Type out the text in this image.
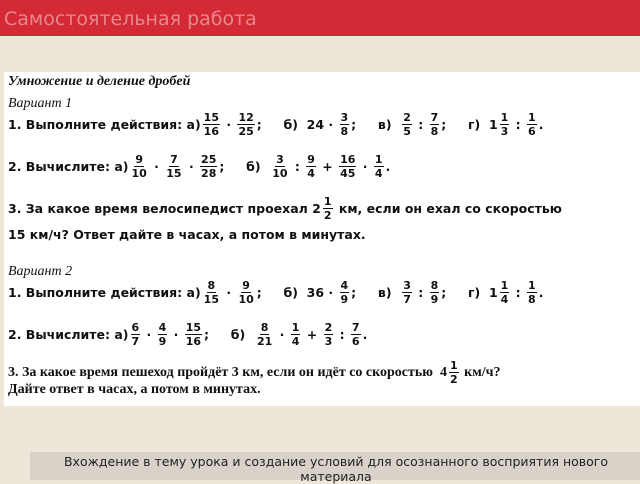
Самостоятельная работа
Умножение и деление дробей
Вариант 1
1. Выполните действия: $а) \frac{15}{16} \cdot \frac{12}{25}$ ;     б)  $24 \cdot \frac{3}{8}$ ;     $в) \frac{2}{5}$ : $\frac{7}{8}$ ;     г)  $1 \frac{1}{3}$ : $\frac{1}{6}$ .
2. Вычислите: $а) \frac{9}{10} \cdot \frac{7}{15} \cdot \frac{25}{28}$ ;     $б) \frac{3}{10}$ : $\frac{9}{4} + \frac{16}{45} \cdot \frac{1}{4}$ .
3. За какое время велосипедист проехал $2 \frac{1}{2}$
км, если он ехал со скоростью
15 км/ч? Ответ дайте в часах, а потом в минутах.
Вариант 2
1. Выполните действия: $а) \frac{8}{15} \cdot \frac{9}{10}$ ;     б)  $36 \cdot \frac{4}{9}$ ;     $в) \frac{3}{7}$ : $\frac{8}{9}$ ;     г)  $1 \frac{1}{4}$ : $\frac{1}{8}$ .
2. Вычислите: $а) \frac{6}{7} \cdot \frac{4}{9} \cdot \frac{15}{16}$ ;     $б) \frac{8}{21} \cdot \frac{1}{4} + \frac{2}{3}$ : $\frac{7}{6}$ .
3. За какое время пешеход пройдёт 3 км, если он идёт со скоростью $4 \frac{1}{2}$
км/ч?
Дайте ответ в часах, а потом в минутах.
Вхождение в тему урока и создание условий для осознанного восприятия нового материала
